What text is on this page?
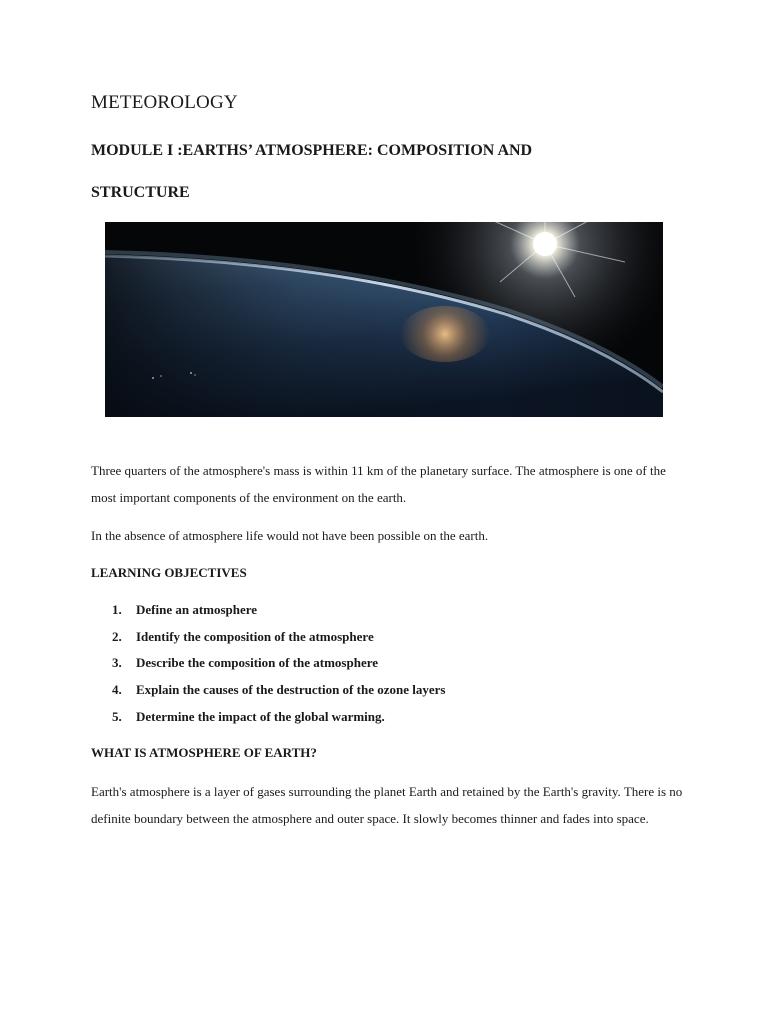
METEOROLOGY
MODULE I :EARTHS’ ATMOSPHERE: COMPOSITION AND
STRUCTURE

Three quarters of the atmosphere's mass is within 11 km of the planetary surface. The atmosphere is one of the most important components of the environment on the earth.

In the absence of atmosphere life would not have been possible on the earth.

LEARNING OBJECTIVES
1.	Define an atmosphere
2.	Identify the composition of the atmosphere
3.	Describe the composition of the atmosphere
4.	Explain the causes of the destruction of the ozone layers
5.	Determine the impact of the global warming.
WHAT IS ATMOSPHERE OF EARTH?

Earth's atmosphere is a layer of gases surrounding the planet Earth and retained by the Earth's gravity. There is no definite boundary between the atmosphere and outer space. It slowly becomes thinner and fades into space.
